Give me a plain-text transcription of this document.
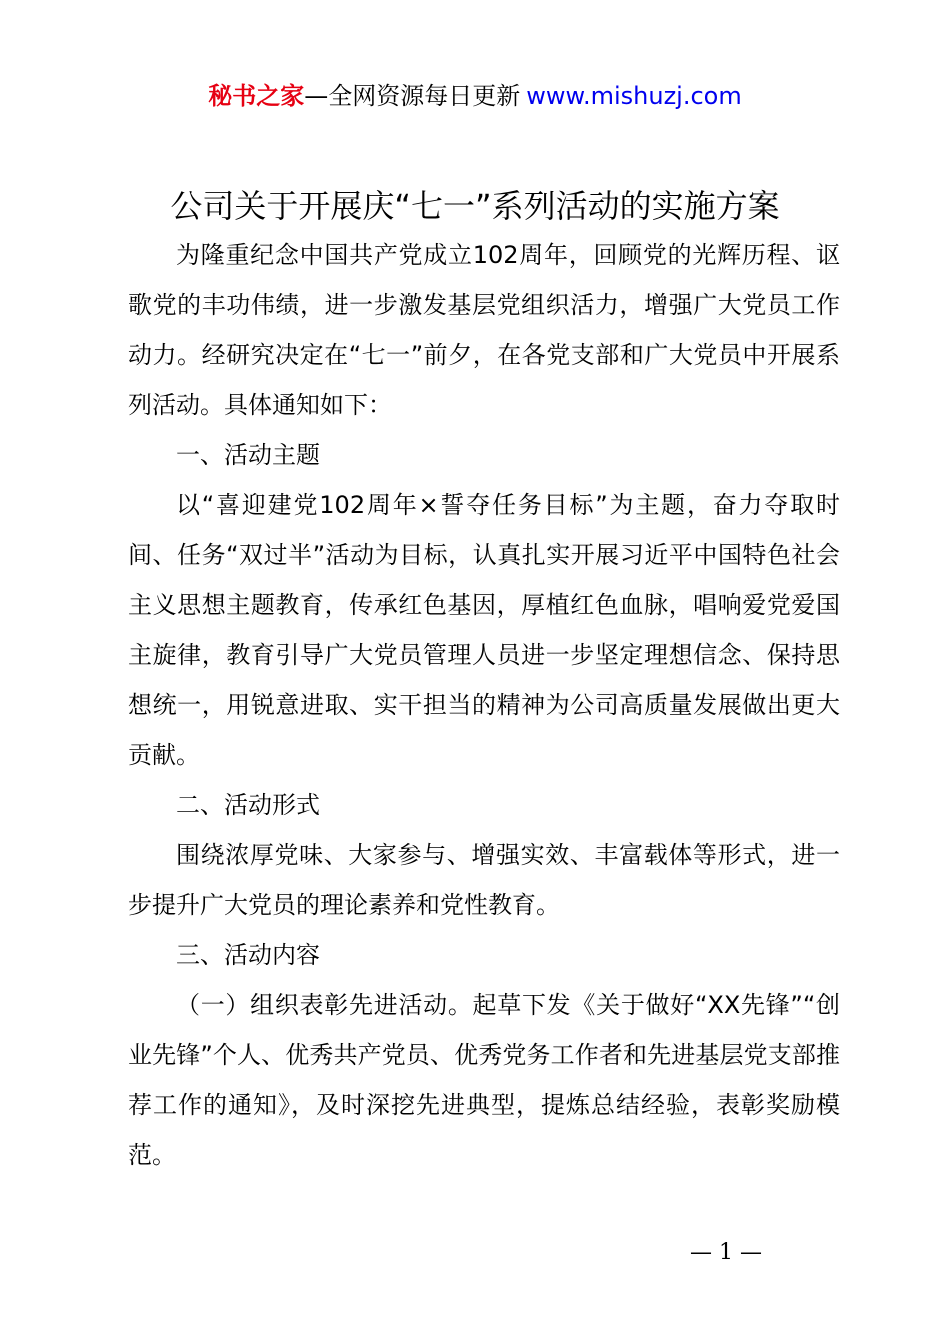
秘书之家—全网资源每日更新 www.mishuzj.com
公司关于开展庆“七一”系列活动的实施方案

为隆重纪念中国共产党成立102周年，回顾党的光辉历程、讴歌党的丰功伟绩，进一步激发基层党组织活力，增强广大党员工作动力。经研究决定在“七一”前夕，在各党支部和广大党员中开展系列活动。具体通知如下：

一、活动主题

以“喜迎建党102周年×誓夺任务目标”为主题，奋力夺取时间、任务“双过半”活动为目标，认真扎实开展习近平中国特色社会主义思想主题教育，传承红色基因，厚植红色血脉，唱响爱党爱国主旋律，教育引导广大党员管理人员进一步坚定理想信念、保持思想统一，用锐意进取、实干担当的精神为公司高质量发展做出更大贡献。

二、活动形式

围绕浓厚党味、大家参与、增强实效、丰富载体等形式，进一步提升广大党员的理论素养和党性教育。

三、活动内容

（一）组织表彰先进活动。起草下发《关于做好“XX先锋”“创业先锋”个人、优秀共产党员、优秀党务工作者和先进基层党支部推荐工作的通知》，及时深挖先进典型，提炼总结经验，表彰奖励模范。

— 1 —
